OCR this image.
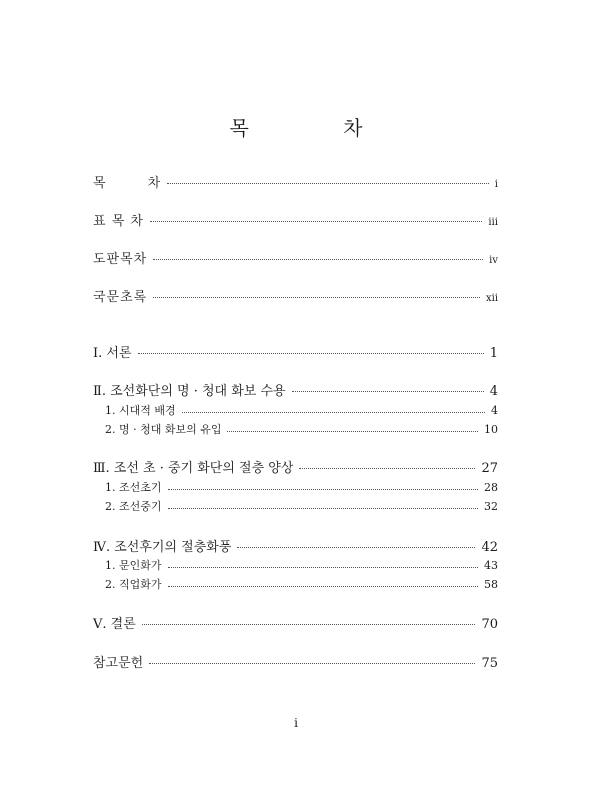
목 차
목        차	ⅰ
표 목 차	ⅲ
도판목차	ⅳ
국문초록	ⅻ
Ⅰ. 서론	1
Ⅱ. 조선화단의 명 · 청대 화보 수용	4
1. 시대적 배경	4
2. 명 · 청대 화보의 유입	10
Ⅲ. 조선 초 · 중기 화단의 절충 양상	27
1. 조선초기	28
2. 조선중기	32
Ⅳ. 조선후기의 절충화풍	42
1. 문인화가	43
2. 직업화가	58
Ⅴ. 결론	70
참고문헌	75
ⅰ
